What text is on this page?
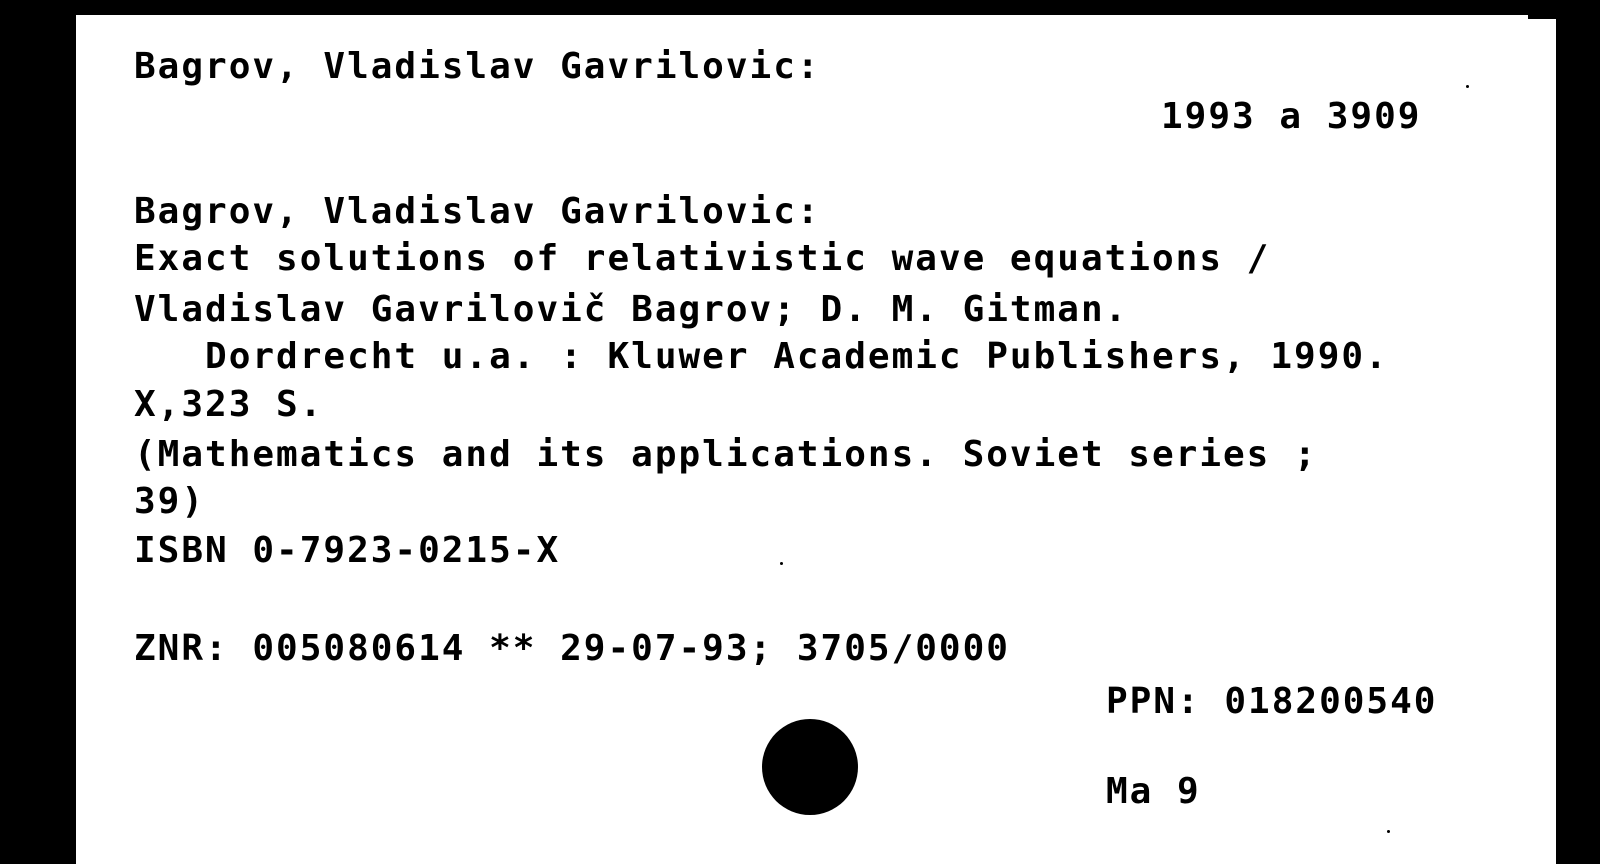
Bagrov, Vladislav Gavrilovic:
1993 a 3909
Bagrov, Vladislav Gavrilovic:
Exact solutions of relativistic wave equations /
Vladislav Gavrilovič Bagrov; D. M. Gitman.
Dordrecht u.a. : Kluwer Academic Publishers, 1990.
X,323 S.
(Mathematics and its applications. Soviet series ;
39)
ISBN 0-7923-0215-X
ZNR: 005080614 ** 29-07-93; 3705/0000
PPN: 018200540
Ma 9
